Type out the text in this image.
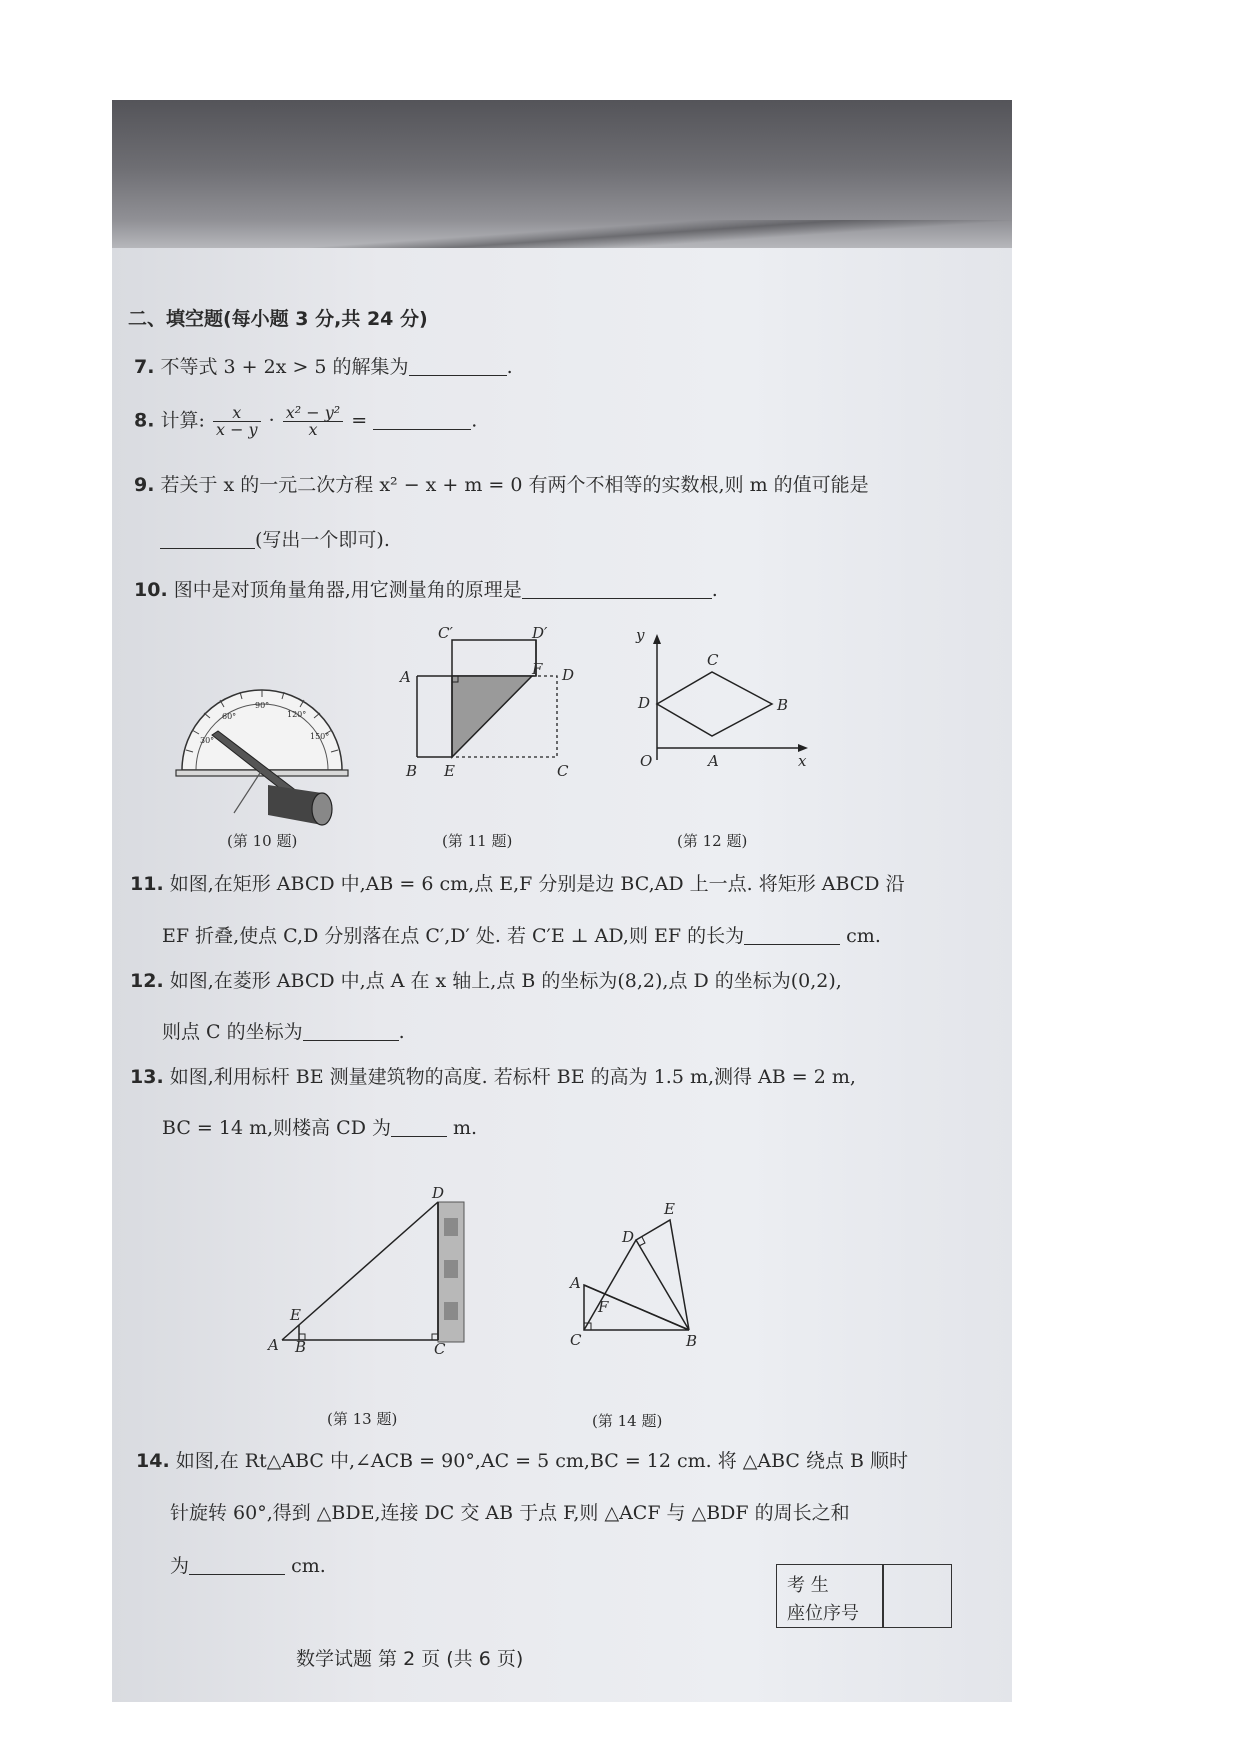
二、填空题(每小题 3 分,共 24 分)
7. 不等式 3 + 2x > 5 的解集为	.
8. 计算: $\frac{x}{x - y} \cdot \frac{\text{x² − y²}}{x}$ =	.
9. 若关于 x 的一元二次方程 x² − x + m = 0 有两个不相等的实数根,则 m 的值可能是
(写出一个即可).
10. 图中是对顶角量角器,用它测量角的原理是	.
30°
60°
90°
120°
150°
(第 10 题)
C′	D′
A	F D
B E	C
(第 11 题)
y
C
D	B
O	A	x
(第 12 题)
11. 如图,在矩形 ABCD 中,AB = 6 cm,点 E,F 分别是边 BC,AD 上一点. 将矩形 ABCD 沿
EF 折叠,使点 C,D 分别落在点 C′,D′ 处. 若 C′E ⊥ AD,则 EF 的长为	cm.
12. 如图,在菱形 ABCD 中,点 A 在 x 轴上,点 B 的坐标为(8,2),点 D 的坐标为(0,2),
则点 C 的坐标为	.
13. 如图,利用标杆 BE 测量建筑物的高度. 若标杆 BE 的高为 1.5 m,测得 AB = 2 m,
BC = 14 m,则楼高 CD 为	m.
D
E
A B	C
(第 13 题)
E
D
A
F
C	B
(第 14 题)
14. 如图,在 Rt△ABC 中,∠ACB = 90°,AC = 5 cm,BC = 12 cm. 将 △ABC 绕点 B 顺时
针旋转 60°,得到 △BDE,连接 DC 交 AB 于点 F,则 △ACF 与 △BDF 的周长之和
为	cm.
考 生
座位序号
数学试题 第 2 页 (共 6 页)
